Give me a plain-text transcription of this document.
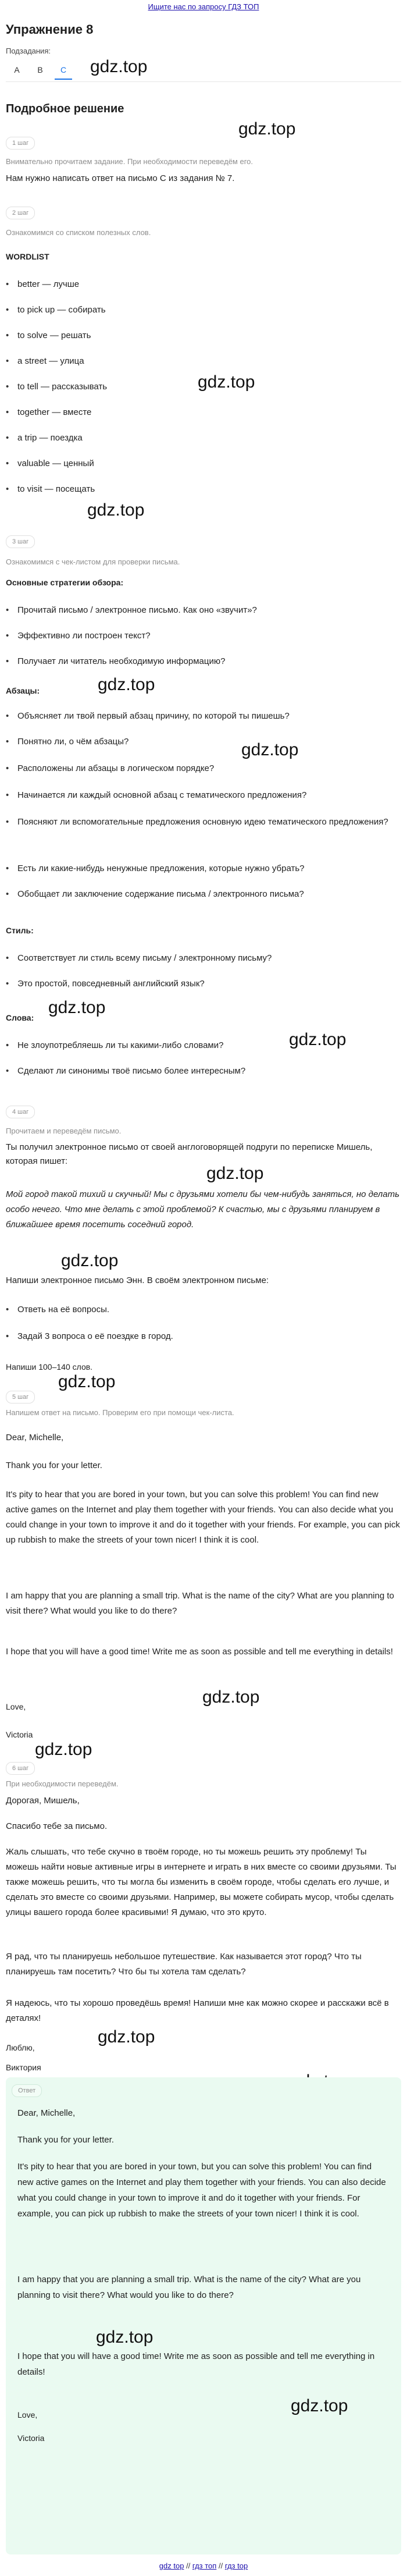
Ищите нас по запросу ГДЗ ТОП
Упражнение 8
Подзадания:
A	B	C	gdz.top
Подробное решение
gdz.top
1 шаг
Внимательно прочитаем задание. При необходимости переведём его.
Нам нужно написать ответ на письмо C из задания № 7.
2 шаг
Ознакомимся со списком полезных слов.
WORDLIST
• better — лучше
• to pick up — собирать
• to solve — решать
• a street — улица
gdz.top
• to tell — рассказывать
• together — вместе
• a trip — поездка
• valuable — ценный
gdz.top
• to visit — посещать
3 шаг
Ознакомимся с чек-листом для проверки письма.
Основные стратегии обзора:
• Прочитай письмо / электронное письмо. Как оно «звучит»?
• Эффективно ли построен текст?
• Получает ли читатель необходимую информацию?
Абзацы:	gdz.top
• Объясняет ли твой первый абзац причину, по которой ты пишешь?
• Понятно ли, о чём абзацы?	gdz.top
• Расположены ли абзацы в логическом порядке?
• Начинается ли каждый основной абзац с тематического предложения?
• Поясняют ли вспомогательные предложения основную идею тематического предложения?
• Есть ли какие-нибудь ненужные предложения, которые нужно убрать?
• Обобщает ли заключение содержание письма / электронного письма?
Стиль:
• Соответствует ли стиль всему письму / электронному письму?
• Это простой, повседневный английский язык?
gdz.top
Слова:
gdz.top
• Не злоупотребляешь ли ты какими-либо словами?
• Сделают ли синонимы твоё письмо более интересным?
4 шаг
Прочитаем и переведём письмо.
Ты получил электронное письмо от своей англоговорящей подруги по переписке Мишель, которая пишет:
gdz.top
Мой город такой тихий и скучный! Мы с друзьями хотели бы чем-нибудь заняться, но делать особо нечего. Что мне делать с этой проблемой? К счастью, мы с друзьями планируем в ближайшее время посетить соседний город.
gdz.top
Напиши электронное письмо Энн. В своём электронном письме:
• Ответь на её вопросы.
• Задай 3 вопроса о её поездке в город.
Напиши 100–140 слов.
gdz.top
5 шаг
Напишем ответ на письмо. Проверим его при помощи чек-листа.
Dear, Michelle,
Thank you for your letter.
It's pity to hear that you are bored in your town, but you can solve this problem! You can find new active games on the Internet and play them together with your friends. You can also decide what you could change in your town to improve it and do it together with your friends. For example, you can pick up rubbish to make the streets of your town nicer! I think it is cool.
I am happy that you are planning a small trip. What is the name of the city? What are you planning to visit there? What would you like to do there?
I hope that you will have a good time! Write me as soon as possible and tell me everything in details!
gdz.top
Love,
Victoria
gdz.top
6 шаг
При необходимости переведём.
Дорогая, Мишель,
Спасибо тебе за письмо.
Жаль слышать, что тебе скучно в твоём городе, но ты можешь решить эту проблему! Ты можешь найти новые активные игры в интернете и играть в них вместе со своими друзьями. Ты также можешь решить, что ты могла бы изменить в своём городе, чтобы сделать его лучше, и сделать это вместе со своими друзьями. Например, вы можете собирать мусор, чтобы сделать улицы вашего города более красивыми! Я думаю, что это круто.
Я рад, что ты планируешь небольшое путешествие. Как называется этот город? Что ты планируешь там посетить? Что бы ты хотела там сделать?
Я надеюсь, что ты хорошо проведёшь время! Напиши мне как можно скорее и расскажи всё в деталях!
gdz.top
Люблю,
Виктория
Ответ
Dear, Michelle,
Thank you for your letter.
It's pity to hear that you are bored in your town, but you can solve this problem! You can find new active games on the Internet and play them together with your friends. You can also decide what you could change in your town to improve it and do it together with your friends. For example, you can pick up rubbish to make the streets of your town nicer! I think it is cool.
I am happy that you are planning a small trip. What is the name of the city? What are you planning to visit there? What would you like to do there?
gdz.top
I hope that you will have a good time! Write me as soon as possible and tell me everything in details!
gdz.top
Love,
Victoria
gdz top // гдз топ // гдз top
